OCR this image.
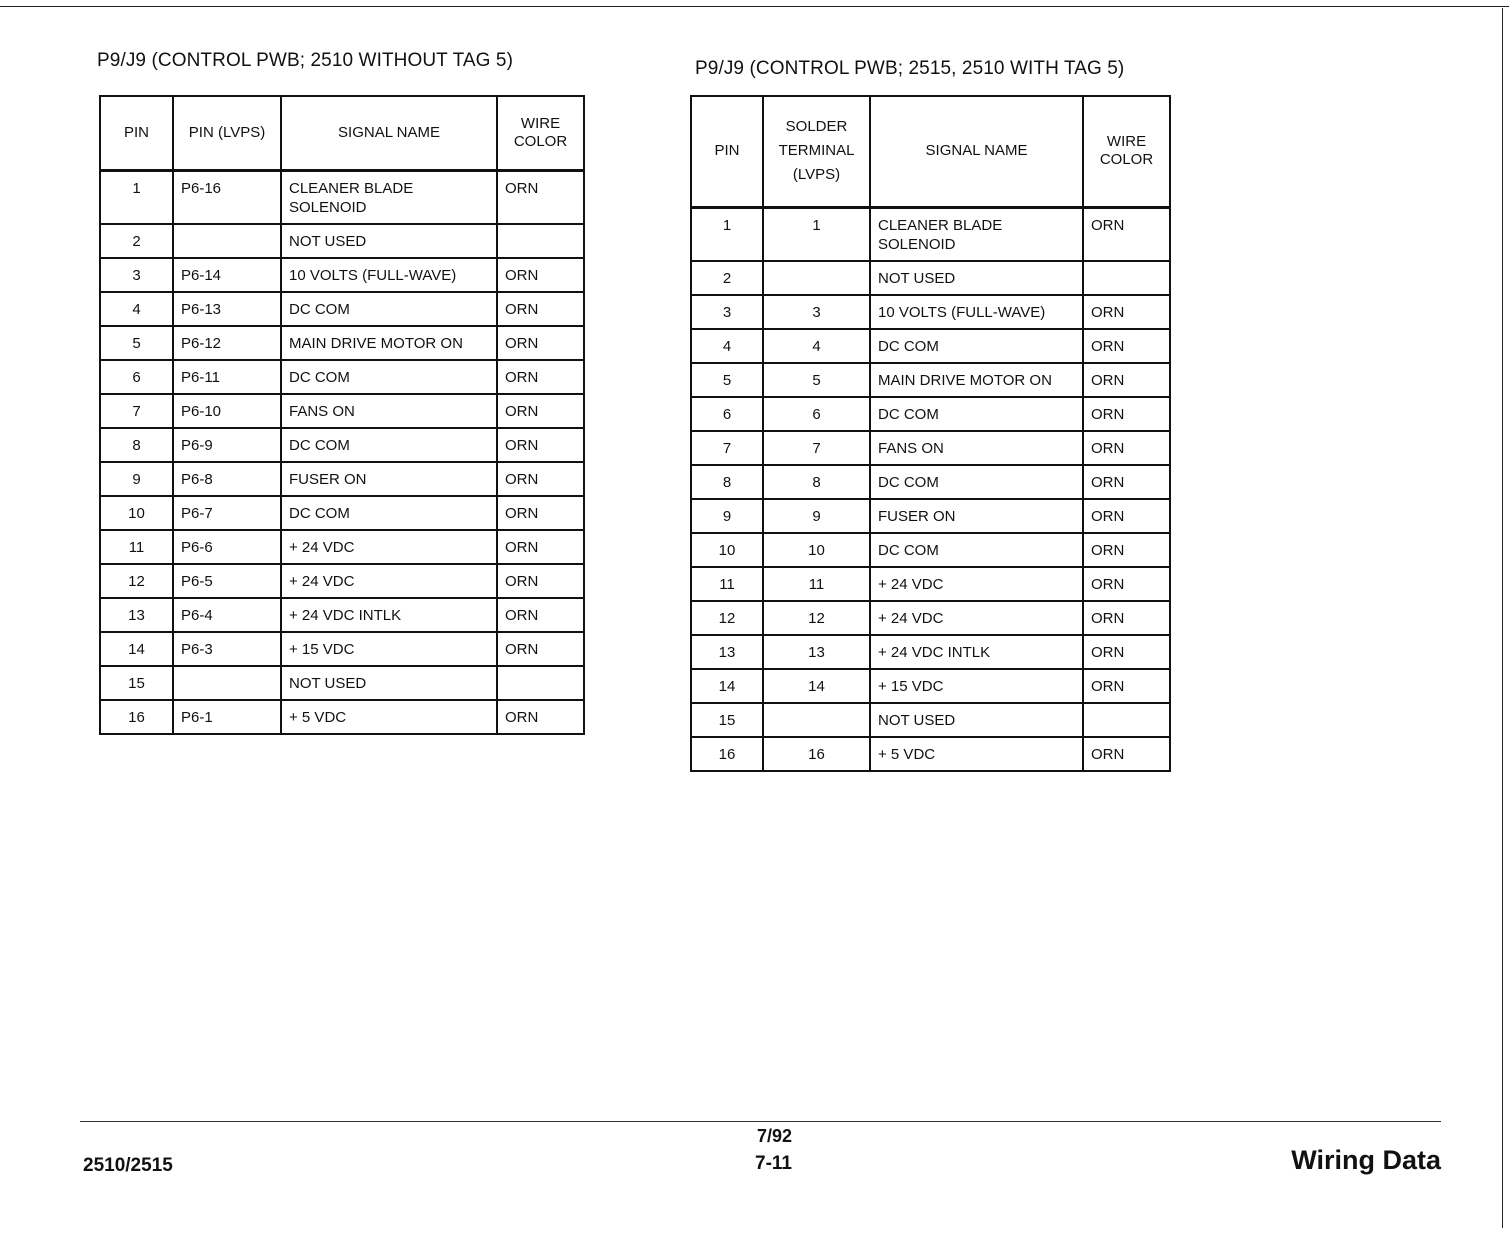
P9/J9 (CONTROL PWB; 2510 WITHOUT TAG 5)
PIN	PIN (LVPS)	SIGNAL NAME	WIRE
COLOR
1	P6-16	CLEANER BLADE
SOLENOID	ORN
2		NOT USED	

3	P6-14	10 VOLTS (FULL-WAVE)	ORN
4	P6-13	DC COM	ORN
5	P6-12	MAIN DRIVE MOTOR ON	ORN
6	P6-11	DC COM	ORN
7	P6-10	FANS ON	ORN
8	P6-9	DC COM	ORN
9	P6-8	FUSER ON	ORN
10	P6-7	DC COM	ORN
11	P6-6	+ 24 VDC	ORN
12	P6-5	+ 24 VDC	ORN
13	P6-4	+ 24 VDC INTLK	ORN
14	P6-3	+ 15 VDC	ORN
15		NOT USED	

16	P6-1	+ 5 VDC	ORN
P9/J9 (CONTROL PWB; 2515, 2510 WITH TAG 5)
PIN	SOLDER
TERMINAL
(LVPS)	SIGNAL NAME	WIRE
COLOR
1	1	CLEANER BLADE
SOLENOID	ORN
2		NOT USED	

3	3	10 VOLTS (FULL-WAVE)	ORN
4	4	DC COM	ORN
5	5	MAIN DRIVE MOTOR ON	ORN
6	6	DC COM	ORN
7	7	FANS ON	ORN
8	8	DC COM	ORN
9	9	FUSER ON	ORN
10	10	DC COM	ORN
11	11	+ 24 VDC	ORN
12	12	+ 24 VDC	ORN
13	13	+ 24 VDC INTLK	ORN
14	14	+ 15 VDC	ORN
15		NOT USED	

16	16	+ 5 VDC	ORN
2510/2515
7/92
7-11	Wiring Data
